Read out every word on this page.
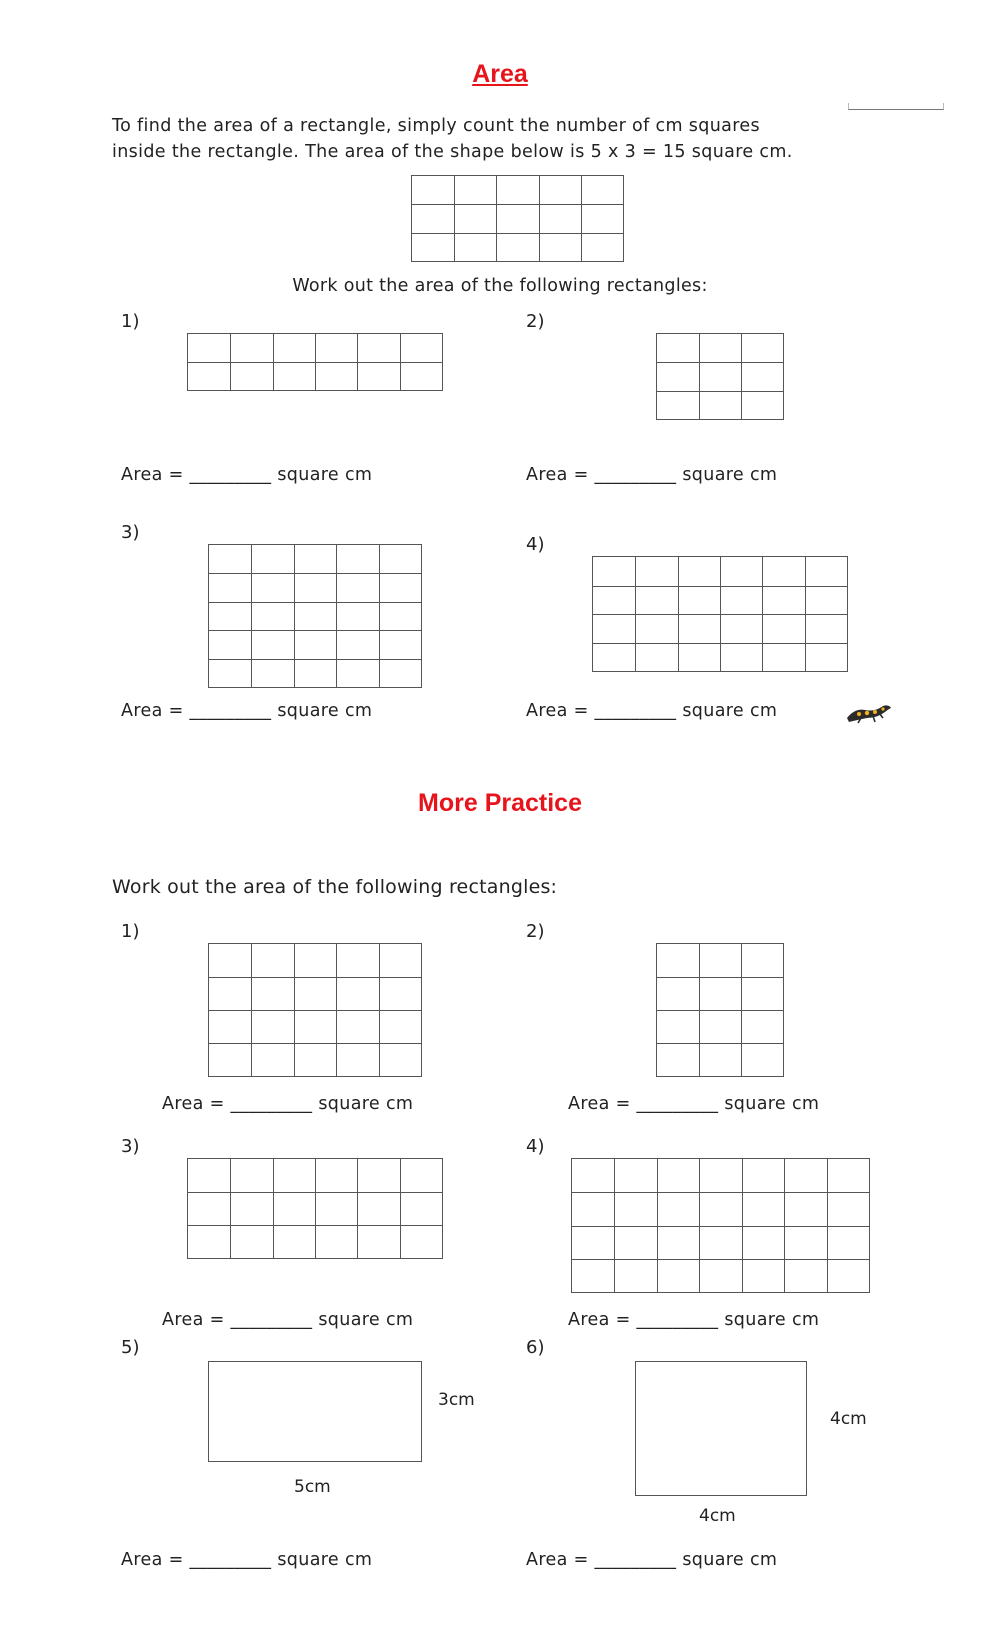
Area
To find the area of a rectangle, simply count the number of cm squares
inside the rectangle. The area of the shape below is 5 x 3 = 15 square cm.
Work out the area of the following rectangles:
1)
Area = _________ square cm
2)
Area = _________ square cm
3)
Area = _________ square cm
4)
Area = _________ square cm
More Practice
Work out the area of the following rectangles:
1)
Area = _________ square cm
2)
Area = _________ square cm
3)
Area = _________ square cm
4)
Area = _________ square cm
5)
3cm
5cm
Area = _________ square cm
6)
4cm
4cm
Area = _________ square cm
